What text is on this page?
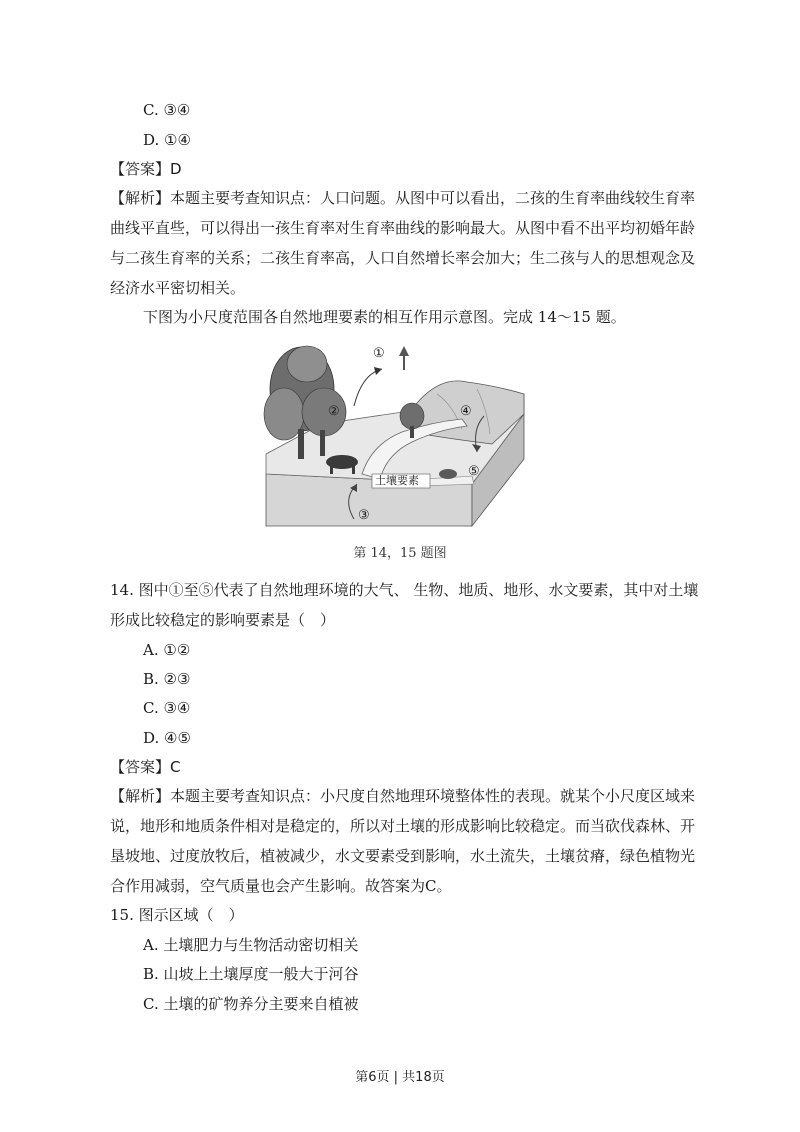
C. ③④
D. ①④
【答案】D
【解析】本题主要考查知识点：人口问题。从图中可以看出，二孩的生育率曲线较生育率
曲线平直些，可以得出一孩生育率对生育率曲线的影响最大。从图中看不出平均初婚年龄
与二孩生育率的关系；二孩生育率高，人口自然增长率会加大；生二孩与人的思想观念及
经济水平密切相关。
下图为小尺度范围各自然地理要素的相互作用示意图。完成 14～15 题。
①
②
③
④
⑤
土壤要素
第 14，15 题图
14. 图中①至⑤代表了自然地理环境的大气、 生物、地质、地形、水文要素，其中对土壤
形成比较稳定的影响要素是（　）
A. ①②
B. ②③
C. ③④
D. ④⑤
【答案】C
【解析】本题主要考查知识点：小尺度自然地理环境整体性的表现。就某个小尺度区域来
说，地形和地质条件相对是稳定的，所以对土壤的形成影响比较稳定。而当砍伐森林、开
垦坡地、过度放牧后，植被减少，水文要素受到影响，水土流失，土壤贫瘠，绿色植物光
合作用减弱，空气质量也会产生影响。故答案为C。
15. 图示区域（　）
A. 土壤肥力与生物活动密切相关
B. 山坡上土壤厚度一般大于河谷
C. 土壤的矿物养分主要来自植被
第6页 | 共18页
